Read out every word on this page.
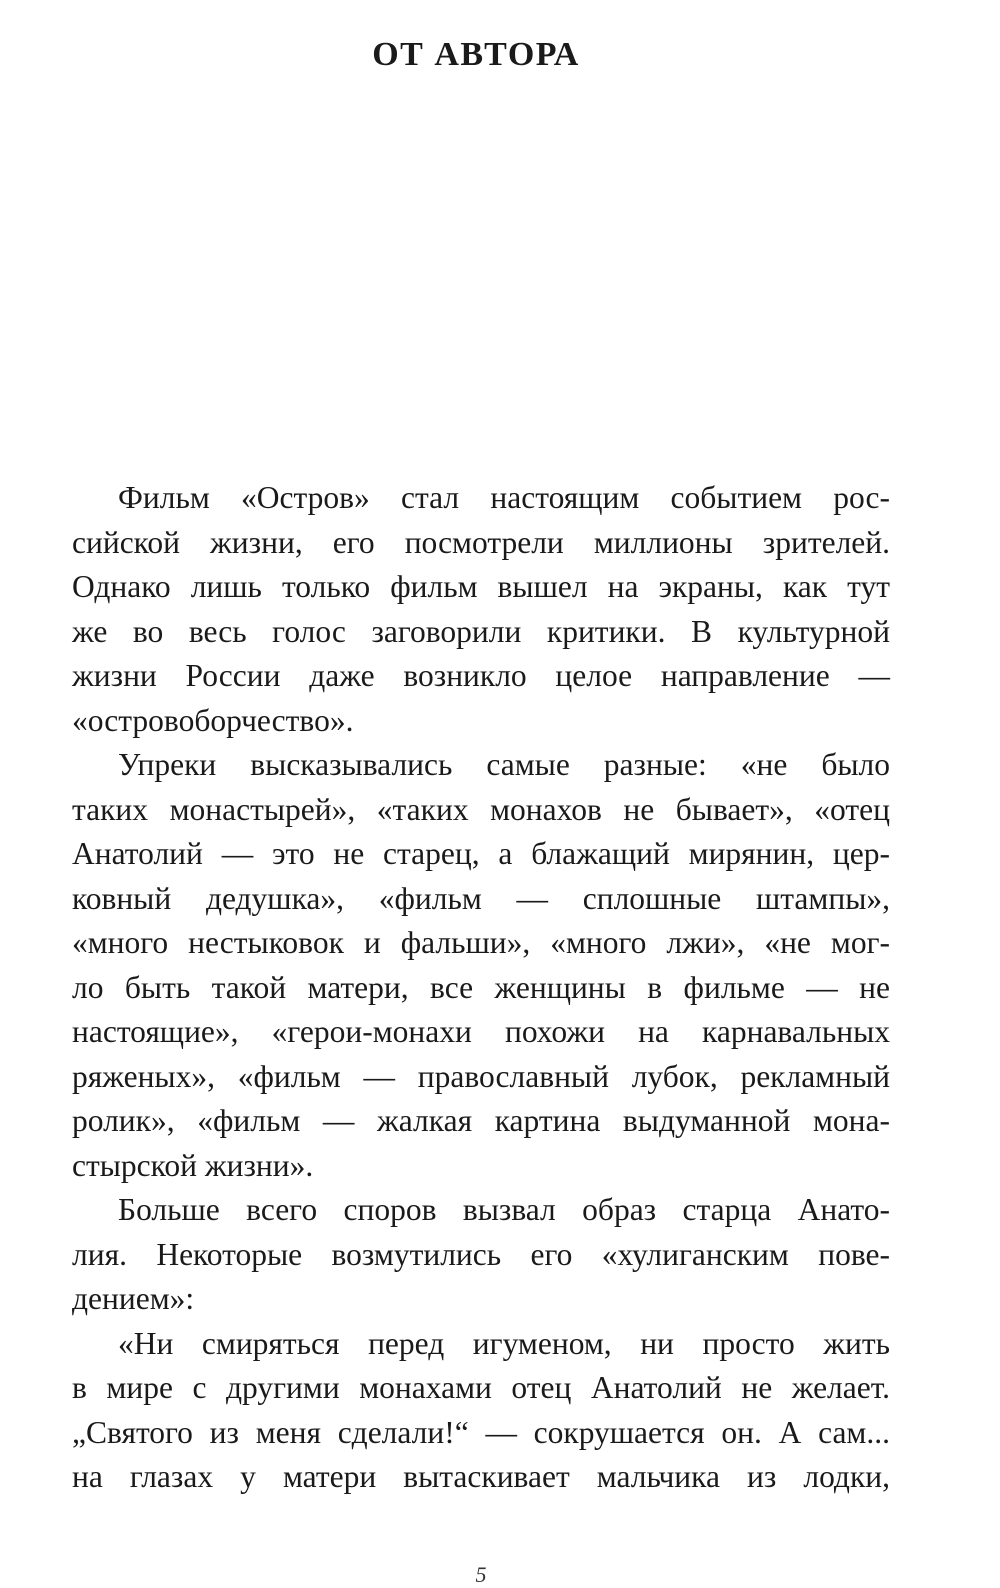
ОТ АВТОРА
Фильм «Остров» стал настоящим событием рос-
сийской жизни, его посмотрели миллионы зрителей.
Однако лишь только фильм вышел на экраны, как тут
же во весь голос заговорили критики. В культурной
жизни России даже возникло целое направление —
«островоборчество».
Упреки высказывались самые разные: «не было
таких монастырей», «таких монахов не бывает», «отец
Анатолий — это не старец, а блажащий мирянин, цер-
ковный дедушка», «фильм — сплошные штампы»,
«много нестыковок и фальши», «много лжи», «не мог-
ло быть такой матери, все женщины в фильме — не
настоящие», «герои-монахи похожи на карнавальных
ряженых», «фильм — православный лубок, рекламный
ролик», «фильм — жалкая картина выдуманной мона-
стырской жизни».
Больше всего споров вызвал образ старца Анато-
лия. Некоторые возмутились его «хулиганским пове-
дением»:
«Ни смиряться перед игуменом, ни просто жить
в мире с другими монахами отец Анатолий не желает.
„Святого из меня сделали!“ — сокрушается он. А сам...
на глазах у матери вытаскивает мальчика из лодки,
5
